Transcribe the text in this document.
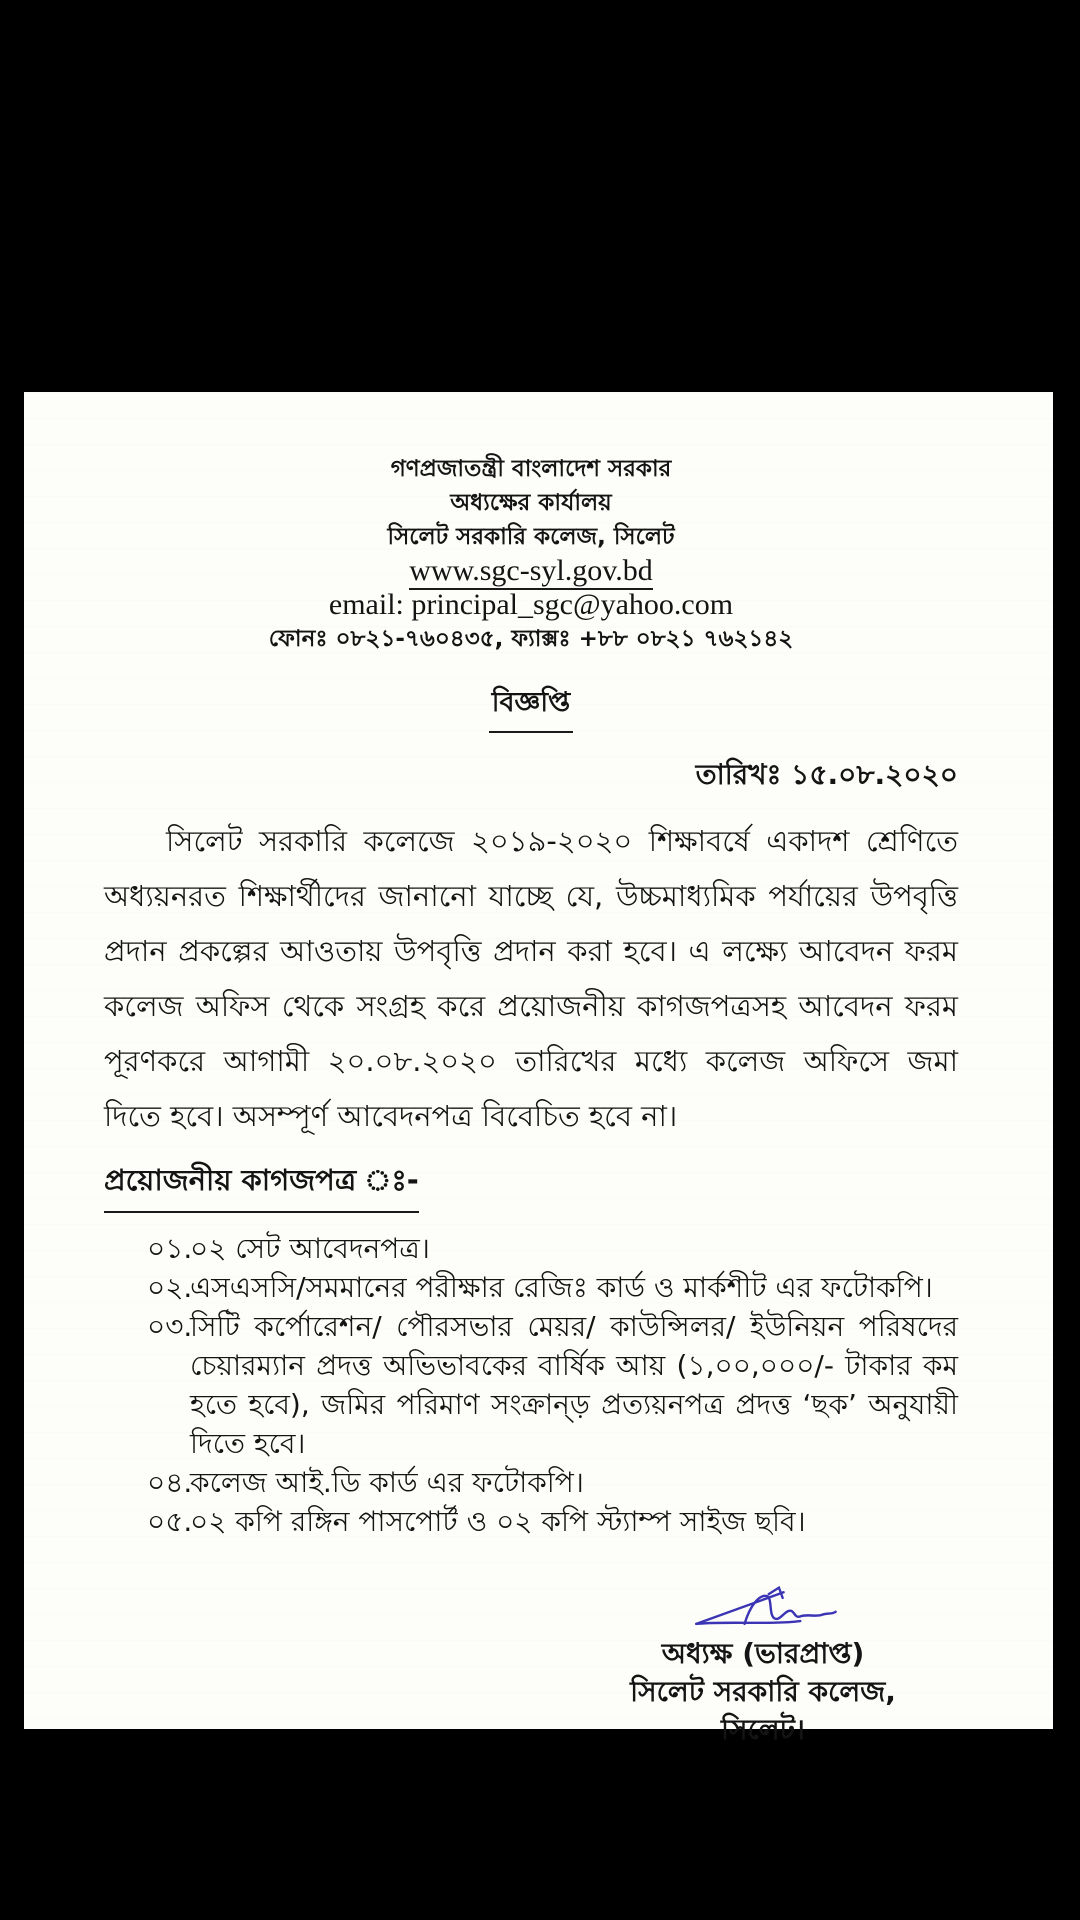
গণপ্রজাতন্ত্রী বাংলাদেশ সরকার
অধ্যক্ষের কার্যালয়
সিলেট সরকারি কলেজ, সিলেট
www.sgc-syl.gov.bd
email: principal_sgc@yahoo.com
ফোনঃ ০৮২১-৭৬০৪৩৫, ফ্যাক্সঃ +৮৮ ০৮২১ ৭৬২১৪২
বিজ্ঞপ্তি
তারিখঃ ১৫.০৮.২০২০
সিলেট সরকারি কলেজে ২০১৯-২০২০ শিক্ষাবর্ষে একাদশ শ্রেণিতে অধ্যয়নরত শিক্ষার্থীদের জানানো যাচ্ছে যে, উচ্চমাধ্যমিক পর্যায়ের উপবৃত্তি প্রদান প্রকল্পের আওতায় উপবৃত্তি প্রদান করা হবে। এ লক্ষ্যে আবেদন ফরম কলেজ অফিস থেকে সংগ্রহ করে প্রয়োজনীয় কাগজপত্রসহ আবেদন ফরম পূরণকরে আগামী ২০.০৮.২০২০ তারিখের মধ্যে কলেজ অফিসে জমা দিতে হবে। অসম্পূর্ণ আবেদনপত্র বিবেচিত হবে না।
প্রয়োজনীয় কাগজপত্র ঃ-
০১.
০২ সেট আবেদনপত্র।
০২.
এসএসসি/সমমানের পরীক্ষার রেজিঃ কার্ড ও মার্কশীট এর ফটোকপি।
০৩.
সিটি কর্পোরেশন/ পৌরসভার মেয়র/ কাউন্সিলর/ ইউনিয়ন পরিষদের চেয়ারম্যান প্রদত্ত অভিভাবকের বার্ষিক আয় (১,০০,০০০/- টাকার কম হতে হবে), জমির পরিমাণ সংক্রান্ড় প্রত্যয়নপত্র প্রদত্ত ‘ছক’ অনুযায়ী দিতে হবে।
০৪.
কলেজ আই.ডি কার্ড এর ফটোকপি।
০৫.
০২ কপি রঙ্গিন পাসপোর্ট ও ০২ কপি স্ট্যাম্প সাইজ ছবি।
অধ্যক্ষ (ভারপ্রাপ্ত)
সিলেট সরকারি কলেজ, সিলেট।
